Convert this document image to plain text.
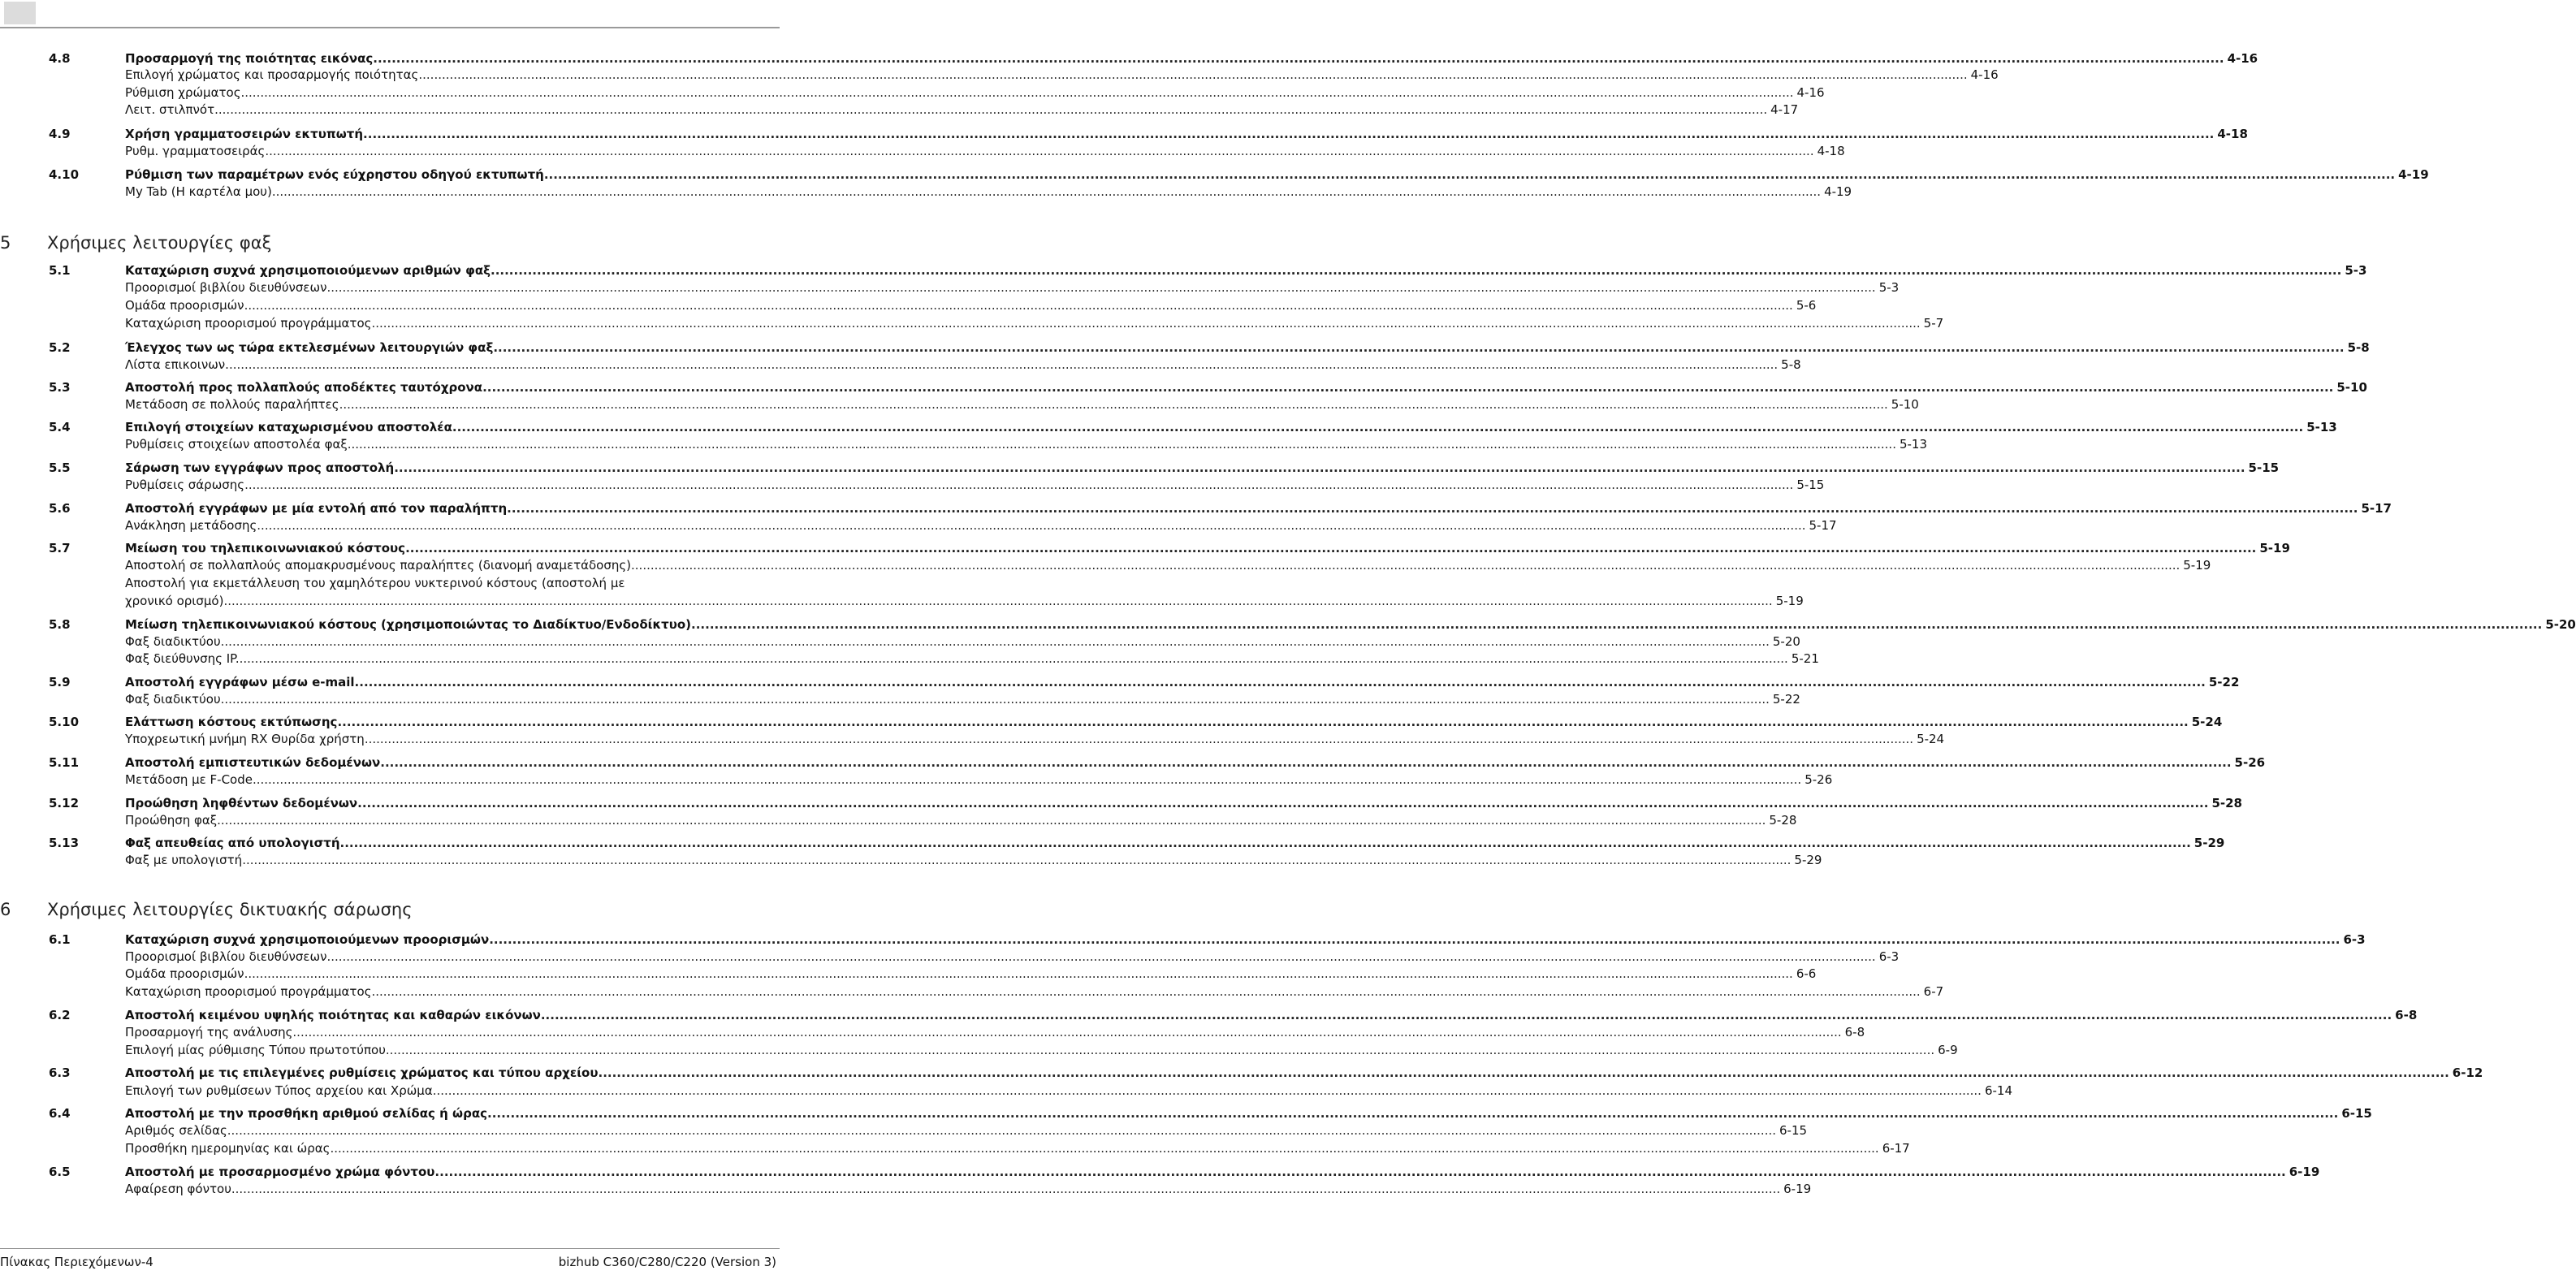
5 Χρήσιμες λειτουργίες φαξ
6 Χρήσιμες λειτουργίες δικτυακής σάρωσης
4.8	Προσαρμογή της ποιότητας εικόνας ................................................................................................................................................................................................................................................................................................................................................................................................................ 4-16
Επιλογή χρώματος και προσαρμογής ποιότητας ................................................................................................................................................................................................................................................................................................................................................................................................................ 4-16
Ρύθμιση χρώματος. ................................................................................................................................................................................................................................................................................................................................................................................................................ 4-16
Λειτ. στιλπνότ. ................................................................................................................................................................................................................................................................................................................................................................................................................ 4-17
4.9	Χρήση γραμματοσειρών εκτυπωτή ................................................................................................................................................................................................................................................................................................................................................................................................................ 4-18
Ρυθμ. γραμματοσειράς ................................................................................................................................................................................................................................................................................................................................................................................................................ 4-18
4.10	Ρύθμιση των παραμέτρων ενός εύχρηστου οδηγού εκτυπωτή ................................................................................................................................................................................................................................................................................................................................................................................................................ 4-19
My Tab (Η καρτέλα μου) ................................................................................................................................................................................................................................................................................................................................................................................................................ 4-19
5.1	Καταχώριση συχνά χρησιμοποιούμενων αριθμών φαξ ................................................................................................................................................................................................................................................................................................................................................................................................................ 5-3
Προορισμοί βιβλίου διευθύνσεων ................................................................................................................................................................................................................................................................................................................................................................................................................ 5-3
Ομάδα προορισμών ................................................................................................................................................................................................................................................................................................................................................................................................................ 5-6
Καταχώριση προορισμού προγράμματος ................................................................................................................................................................................................................................................................................................................................................................................................................ 5-7
5.2	Έλεγχος των ως τώρα εκτελεσμένων λειτουργιών φαξ ................................................................................................................................................................................................................................................................................................................................................................................................................ 5-8
Λίστα επικοινων. ................................................................................................................................................................................................................................................................................................................................................................................................................ 5-8
5.3	Αποστολή προς πολλαπλούς αποδέκτες ταυτόχρονα ................................................................................................................................................................................................................................................................................................................................................................................................................ 5-10
Μετάδοση σε πολλούς παραλήπτες ................................................................................................................................................................................................................................................................................................................................................................................................................ 5-10
5.4	Επιλογή στοιχείων καταχωρισμένου αποστολέα ................................................................................................................................................................................................................................................................................................................................................................................................................ 5-13
Ρυθμίσεις στοιχείων αποστολέα φαξ ................................................................................................................................................................................................................................................................................................................................................................................................................ 5-13
5.5	Σάρωση των εγγράφων προς αποστολή ................................................................................................................................................................................................................................................................................................................................................................................................................ 5-15
Ρυθμίσεις σάρωσης ................................................................................................................................................................................................................................................................................................................................................................................................................ 5-15
5.6	Αποστολή εγγράφων με μία εντολή από τον παραλήπτη ................................................................................................................................................................................................................................................................................................................................................................................................................ 5-17
Ανάκληση μετάδοσης ................................................................................................................................................................................................................................................................................................................................................................................................................ 5-17
5.7	Μείωση του τηλεπικοινωνιακού κόστους ................................................................................................................................................................................................................................................................................................................................................................................................................ 5-19
Αποστολή σε πολλαπλούς απομακρυσμένους παραλήπτες (διανομή αναμετάδοσης) ................................................................................................................................................................................................................................................................................................................................................................................................................ 5-19
Αποστολή για εκμετάλλευση του χαμηλότερου νυκτερινού κόστους (αποστολή με
χρονικό ορισμό) ................................................................................................................................................................................................................................................................................................................................................................................................................ 5-19
5.8	Μείωση τηλεπικοινωνιακού κόστους (χρησιμοποιώντας το Διαδίκτυο/Ενδοδίκτυο) ................................................................................................................................................................................................................................................................................................................................................................................................................ 5-20
Φαξ διαδικτύου ................................................................................................................................................................................................................................................................................................................................................................................................................ 5-20
Φαξ διεύθυνσης IP. ................................................................................................................................................................................................................................................................................................................................................................................................................ 5-21
5.9	Αποστολή εγγράφων μέσω e-mail ................................................................................................................................................................................................................................................................................................................................................................................................................ 5-22
Φαξ διαδικτύου ................................................................................................................................................................................................................................................................................................................................................................................................................ 5-22
5.10	Ελάττωση κόστους εκτύπωσης ................................................................................................................................................................................................................................................................................................................................................................................................................ 5-24
Υποχρεωτική μνήμη RX Θυρίδα χρήστη ................................................................................................................................................................................................................................................................................................................................................................................................................ 5-24
5.11	Αποστολή εμπιστευτικών δεδομένων ................................................................................................................................................................................................................................................................................................................................................................................................................ 5-26
Μετάδοση με F-Code ................................................................................................................................................................................................................................................................................................................................................................................................................ 5-26
5.12	Προώθηση ληφθέντων δεδομένων ................................................................................................................................................................................................................................................................................................................................................................................................................ 5-28
Προώθηση φαξ ................................................................................................................................................................................................................................................................................................................................................................................................................ 5-28
5.13	Φαξ απευθείας από υπολογιστή ................................................................................................................................................................................................................................................................................................................................................................................................................ 5-29
Φαξ με υπολογιστή ................................................................................................................................................................................................................................................................................................................................................................................................................ 5-29
6.1	Καταχώριση συχνά χρησιμοποιούμενων προορισμών ................................................................................................................................................................................................................................................................................................................................................................................................................ 6-3
Προορισμοί βιβλίου διευθύνσεων ................................................................................................................................................................................................................................................................................................................................................................................................................ 6-3
Ομάδα προορισμών ................................................................................................................................................................................................................................................................................................................................................................................................................ 6-6
Καταχώριση προορισμού προγράμματος ................................................................................................................................................................................................................................................................................................................................................................................................................ 6-7
6.2	Αποστολή κειμένου υψηλής ποιότητας και καθαρών εικόνων ................................................................................................................................................................................................................................................................................................................................................................................................................ 6-8
Προσαρμογή της ανάλυσης ................................................................................................................................................................................................................................................................................................................................................................................................................ 6-8
Επιλογή μίας ρύθμισης Τύπου πρωτοτύπου ................................................................................................................................................................................................................................................................................................................................................................................................................ 6-9
6.3	Αποστολή με τις επιλεγμένες ρυθμίσεις χρώματος και τύπου αρχείου ................................................................................................................................................................................................................................................................................................................................................................................................................ 6-12
Επιλογή των ρυθμίσεων Τύπος αρχείου και Χρώμα ................................................................................................................................................................................................................................................................................................................................................................................................................ 6-14
6.4	Αποστολή με την προσθήκη αριθμού σελίδας ή ώρας ................................................................................................................................................................................................................................................................................................................................................................................................................ 6-15
Αριθμός σελίδας ................................................................................................................................................................................................................................................................................................................................................................................................................ 6-15
Προσθήκη ημερομηνίας και ώρας ................................................................................................................................................................................................................................................................................................................................................................................................................ 6-17
6.5	Αποστολή με προσαρμοσμένο χρώμα φόντου ................................................................................................................................................................................................................................................................................................................................................................................................................ 6-19
Αφαίρεση φόντου ................................................................................................................................................................................................................................................................................................................................................................................................................ 6-19
Πίνακας Περιεχόμενων-4	bizhub C360/C280/C220 (Version 3)
